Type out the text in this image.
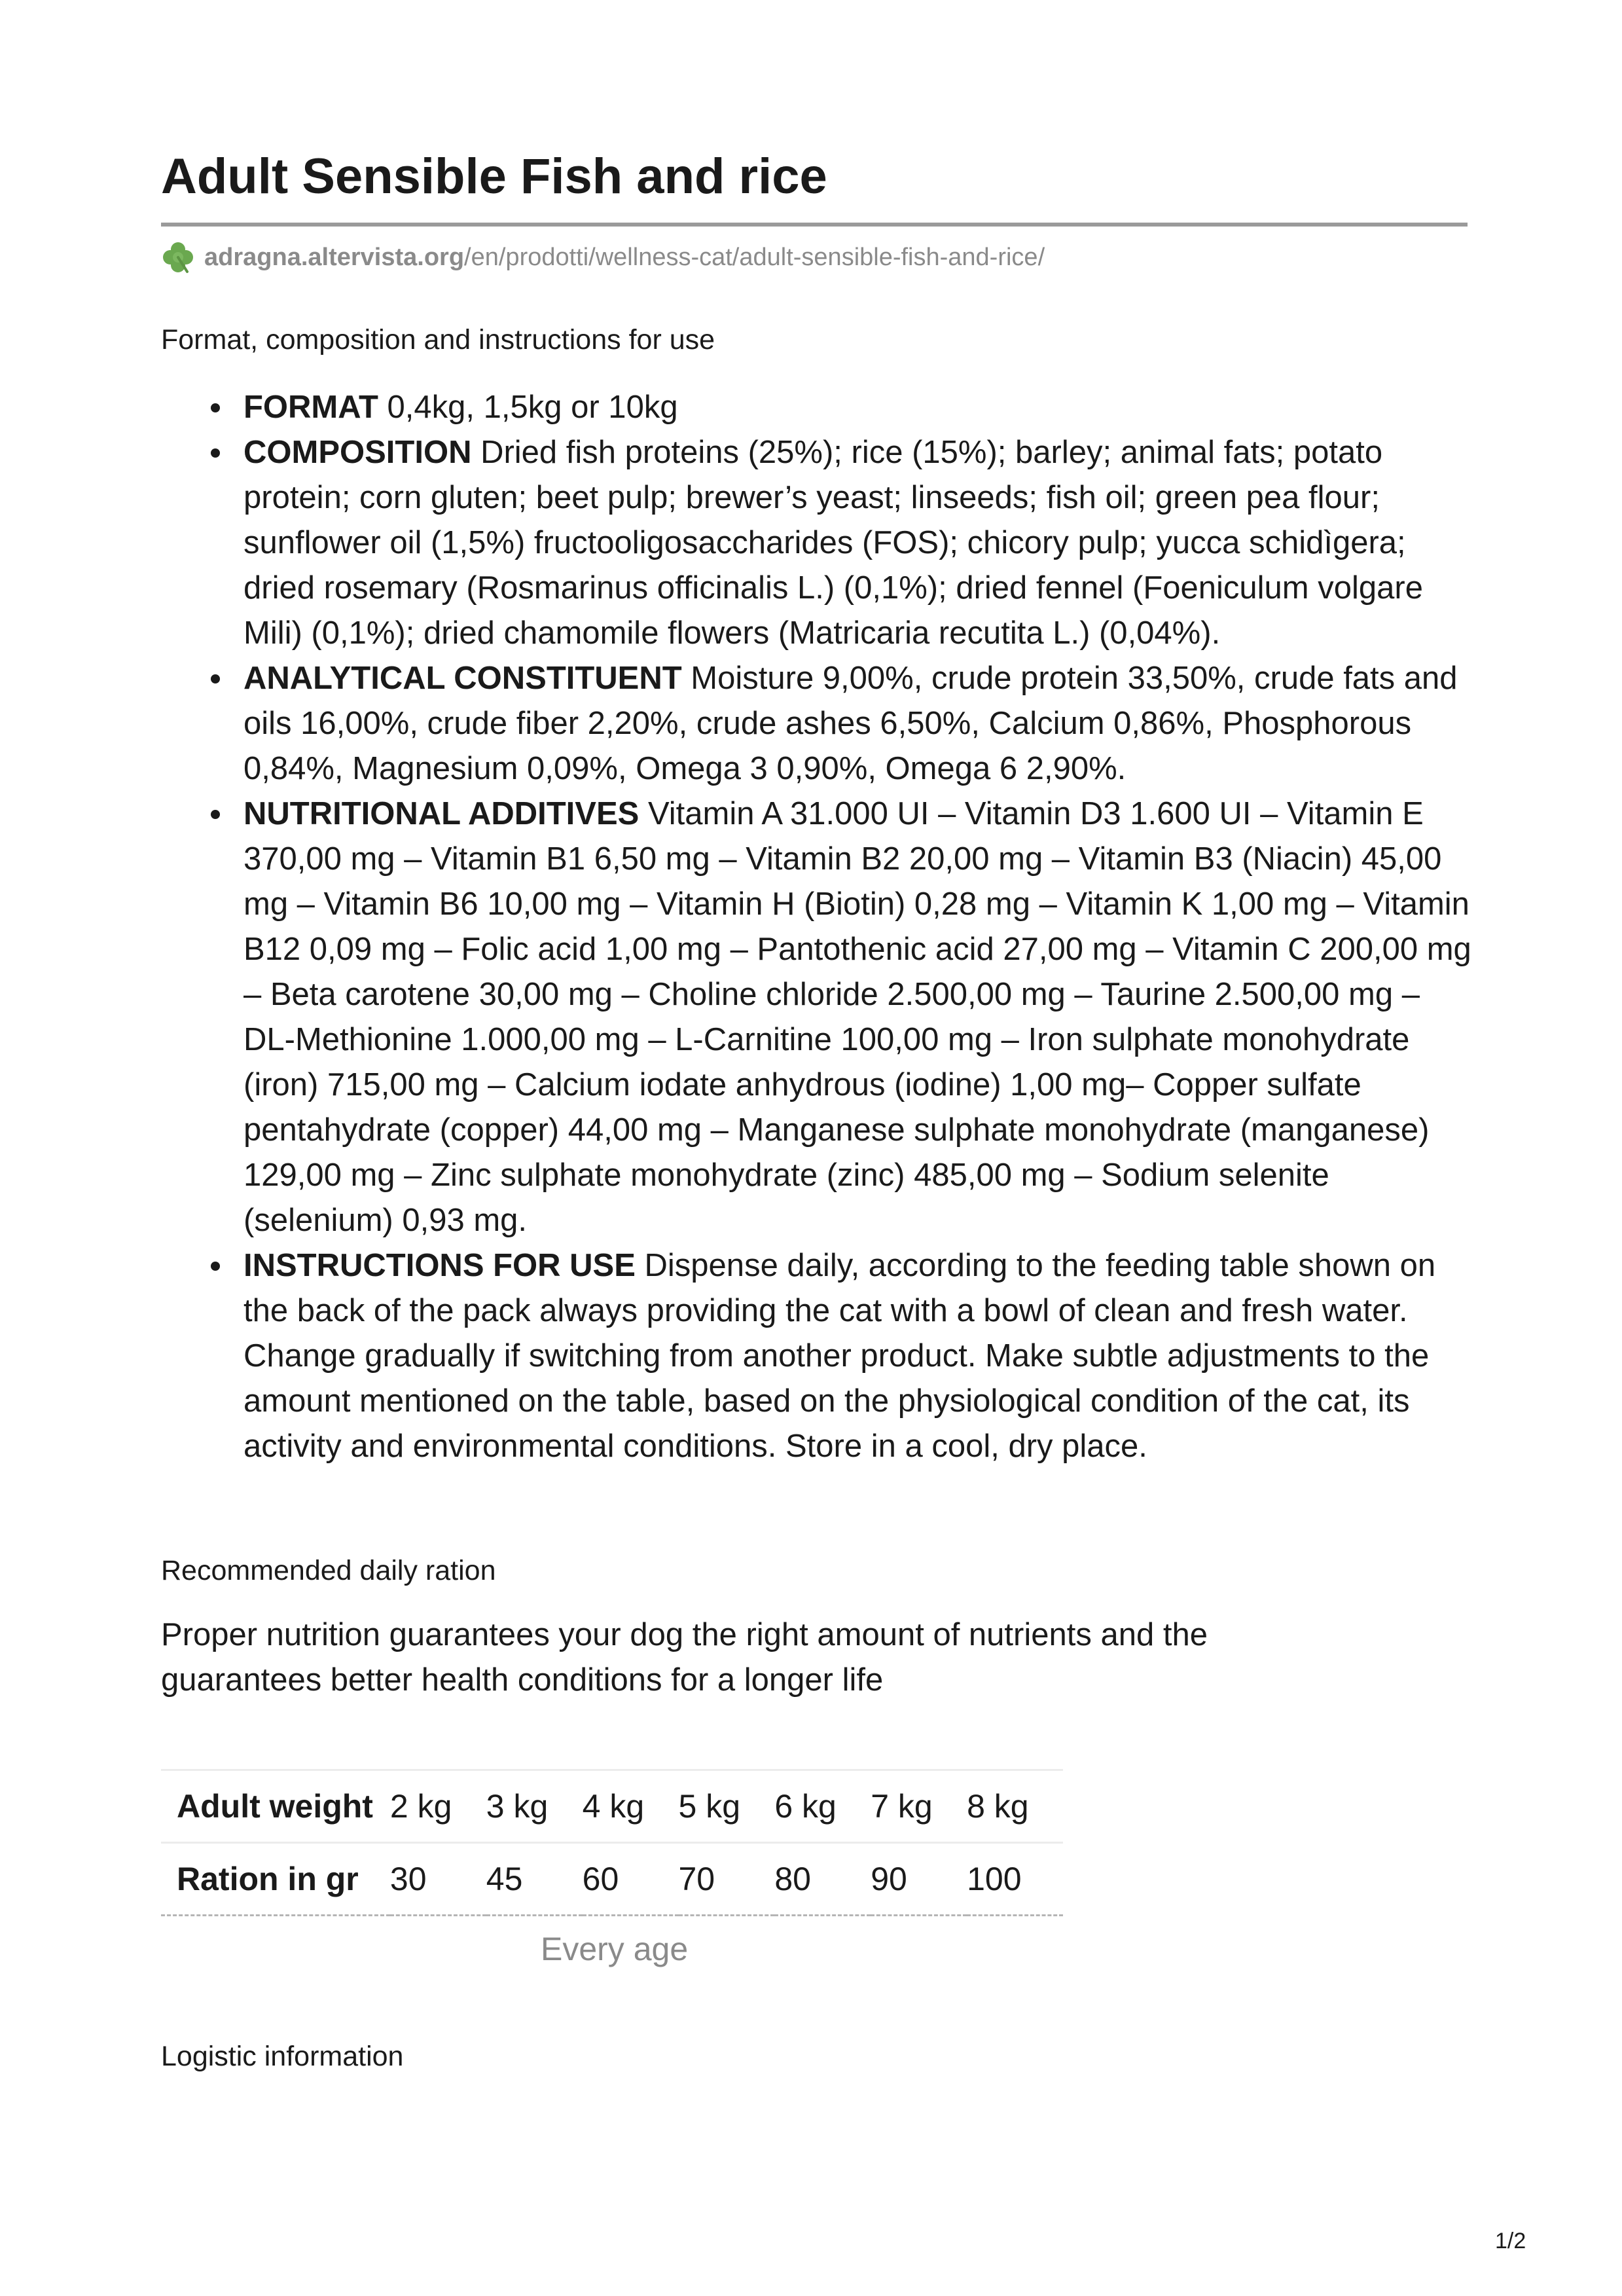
Adult Sensible Fish and rice
adragna.altervista.org /en/prodotti/wellness-cat/adult-sensible-fish-and-rice/
Format, composition and instructions for use
FORMAT 0,4kg, 1,5kg or 10kg
COMPOSITION Dried fish proteins (25%); rice (15%); barley; animal fats; potato protein; corn gluten; beet pulp; brewer’s yeast; linseeds; fish oil; green pea flour; sunflower oil (1,5%) fructooligosaccharides (FOS); chicory pulp; yucca schidìgera; dried rosemary (Rosmarinus officinalis L.) (0,1%); dried fennel (Foeniculum volgare Mili) (0,1%); dried chamomile flowers (Matricaria recutita L.) (0,04%).
ANALYTICAL CONSTITUENT Moisture 9,00%, crude protein 33,50%, crude fats and oils 16,00%, crude fiber 2,20%, crude ashes 6,50%, Calcium 0,86%, Phosphorous 0,84%, Magnesium 0,09%, Omega 3 0,90%, Omega 6 2,90%.
NUTRITIONAL ADDITIVES Vitamin A 31.000 UI – Vitamin D3 1.600 UI – Vitamin E 370,00 mg – Vitamin B1 6,50 mg – Vitamin B2 20,00 mg – Vitamin B3 (Niacin) 45,00 mg – Vitamin B6 10,00 mg – Vitamin H (Biotin) 0,28 mg – Vitamin K 1,00 mg – Vitamin B12 0,09 mg – Folic acid 1,00 mg – Pantothenic acid 27,00 mg – Vitamin C 200,00 mg – Beta carotene 30,00 mg – Choline chloride 2.500,00 mg – Taurine 2.500,00 mg – DL-Methionine 1.000,00 mg – L-Carnitine 100,00 mg – Iron sulphate monohydrate (iron) 715,00 mg – Calcium iodate anhydrous (iodine) 1,00 mg– Copper sulfate pentahydrate (copper) 44,00 mg – Manganese sulphate monohydrate (manganese) 129,00 mg – Zinc sulphate monohydrate (zinc) 485,00 mg – Sodium selenite (selenium) 0,93 mg.
INSTRUCTIONS FOR USE Dispense daily, according to the feeding table shown on the back of the pack always providing the cat with a bowl of clean and fresh water. Change gradually if switching from another product. Make subtle adjustments to the amount mentioned on the table, based on the physiological condition of the cat, its activity and environmental conditions. Store in a cool, dry place.
Recommended daily ration

Proper nutrition guarantees your dog the right amount of nutrients and the guarantees better health conditions for a longer life

Adult weight	2 kg	3 kg	4 kg	5 kg	6 kg	7 kg	8 kg
Ration in gr	30	45	60	70	80	90	100

Every age

Logistic information

1/2
